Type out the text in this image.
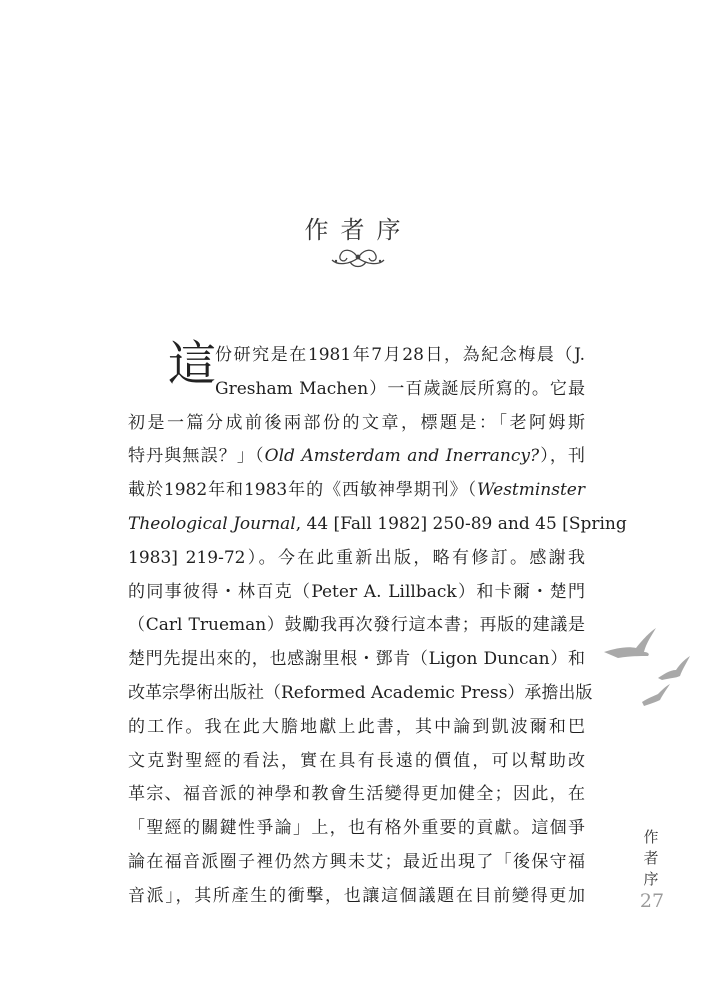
作者序
這
份研究是在1981年7月28日，為紀念梅晨（J.
Gresham Machen）一百歲誕辰所寫的。它最
初是一篇分成前後兩部份的文章，標題是：「老阿姆斯
特丹與無誤？」（Old Amsterdam and Inerrancy?），刊
載於1982年和1983年的《西敏神學期刊》（Westminster
Theological Journal, 44 [Fall 1982] 250-89 and 45 [Spring
1983] 219-72）。今在此重新出版，略有修訂。感謝我
的同事彼得・林百克（Peter A. Lillback）和卡爾・楚門
（Carl Trueman）鼓勵我再次發行這本書；再版的建議是
楚門先提出來的，也感謝里根・鄧肯（Ligon Duncan）和
改革宗學術出版社（Reformed Academic Press）承擔出版
的工作。我在此大膽地獻上此書，其中論到凱波爾和巴
文克對聖經的看法，實在具有長遠的價值，可以幫助改
革宗、福音派的神學和教會生活變得更加健全；因此，在
「聖經的關鍵性爭論」上，也有格外重要的貢獻。這個爭
論在福音派圈子裡仍然方興未艾；最近出現了「後保守福
音派」，其所產生的衝擊，也讓這個議題在目前變得更加
作
者
序
27
